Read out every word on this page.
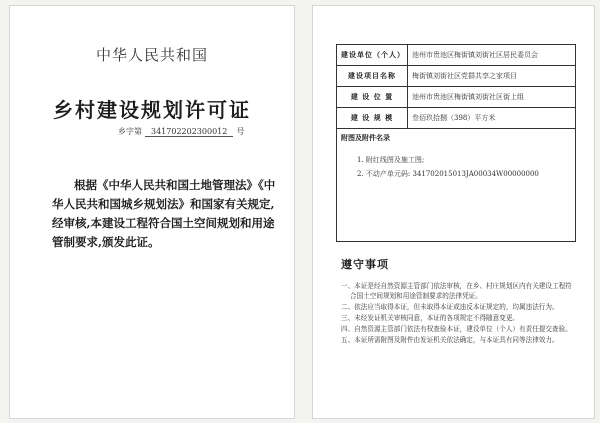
中华人民共和国
乡村建设规划许可证
乡字第	341702202300012	号
根据《中华人民共和国土地管理法》《中
华人民共和国城乡规划法》和国家有关规定,
经审核,本建设工程符合国土空间规划和用途
管制要求,颁发此证。
建设单位（个人）	池州市贵池区梅街镇刘街社区居民委员会
建设项目名称	梅街镇刘街社区党群共享之家项目
建 设 位 置	池州市贵池区梅街镇刘街社区街上组
建 设 规 模	叁佰玖拾捌（398）平方米

附图及附件名录
1. 附红线图及施工图;
2. 不动产单元码: 341702015013JA00034W00000000	
遵守事项
一、本证是经自然资源主管部门依法审核，在乡、村庄规划区内有关建设工程符合国土空间规划和用途管制要求的法律凭证。
二、依法应当取得本证，但未取得本证或违反本证规定的，均属违法行为。
三、未经发证机关审核同意，本证的各项规定不得随意变更。
四、自然资源主管部门依法有权查验本证，建设单位（个人）有责任提交查验。
五、本证所需附图及附件由发证机关依法确定，与本证具有同等法律效力。
